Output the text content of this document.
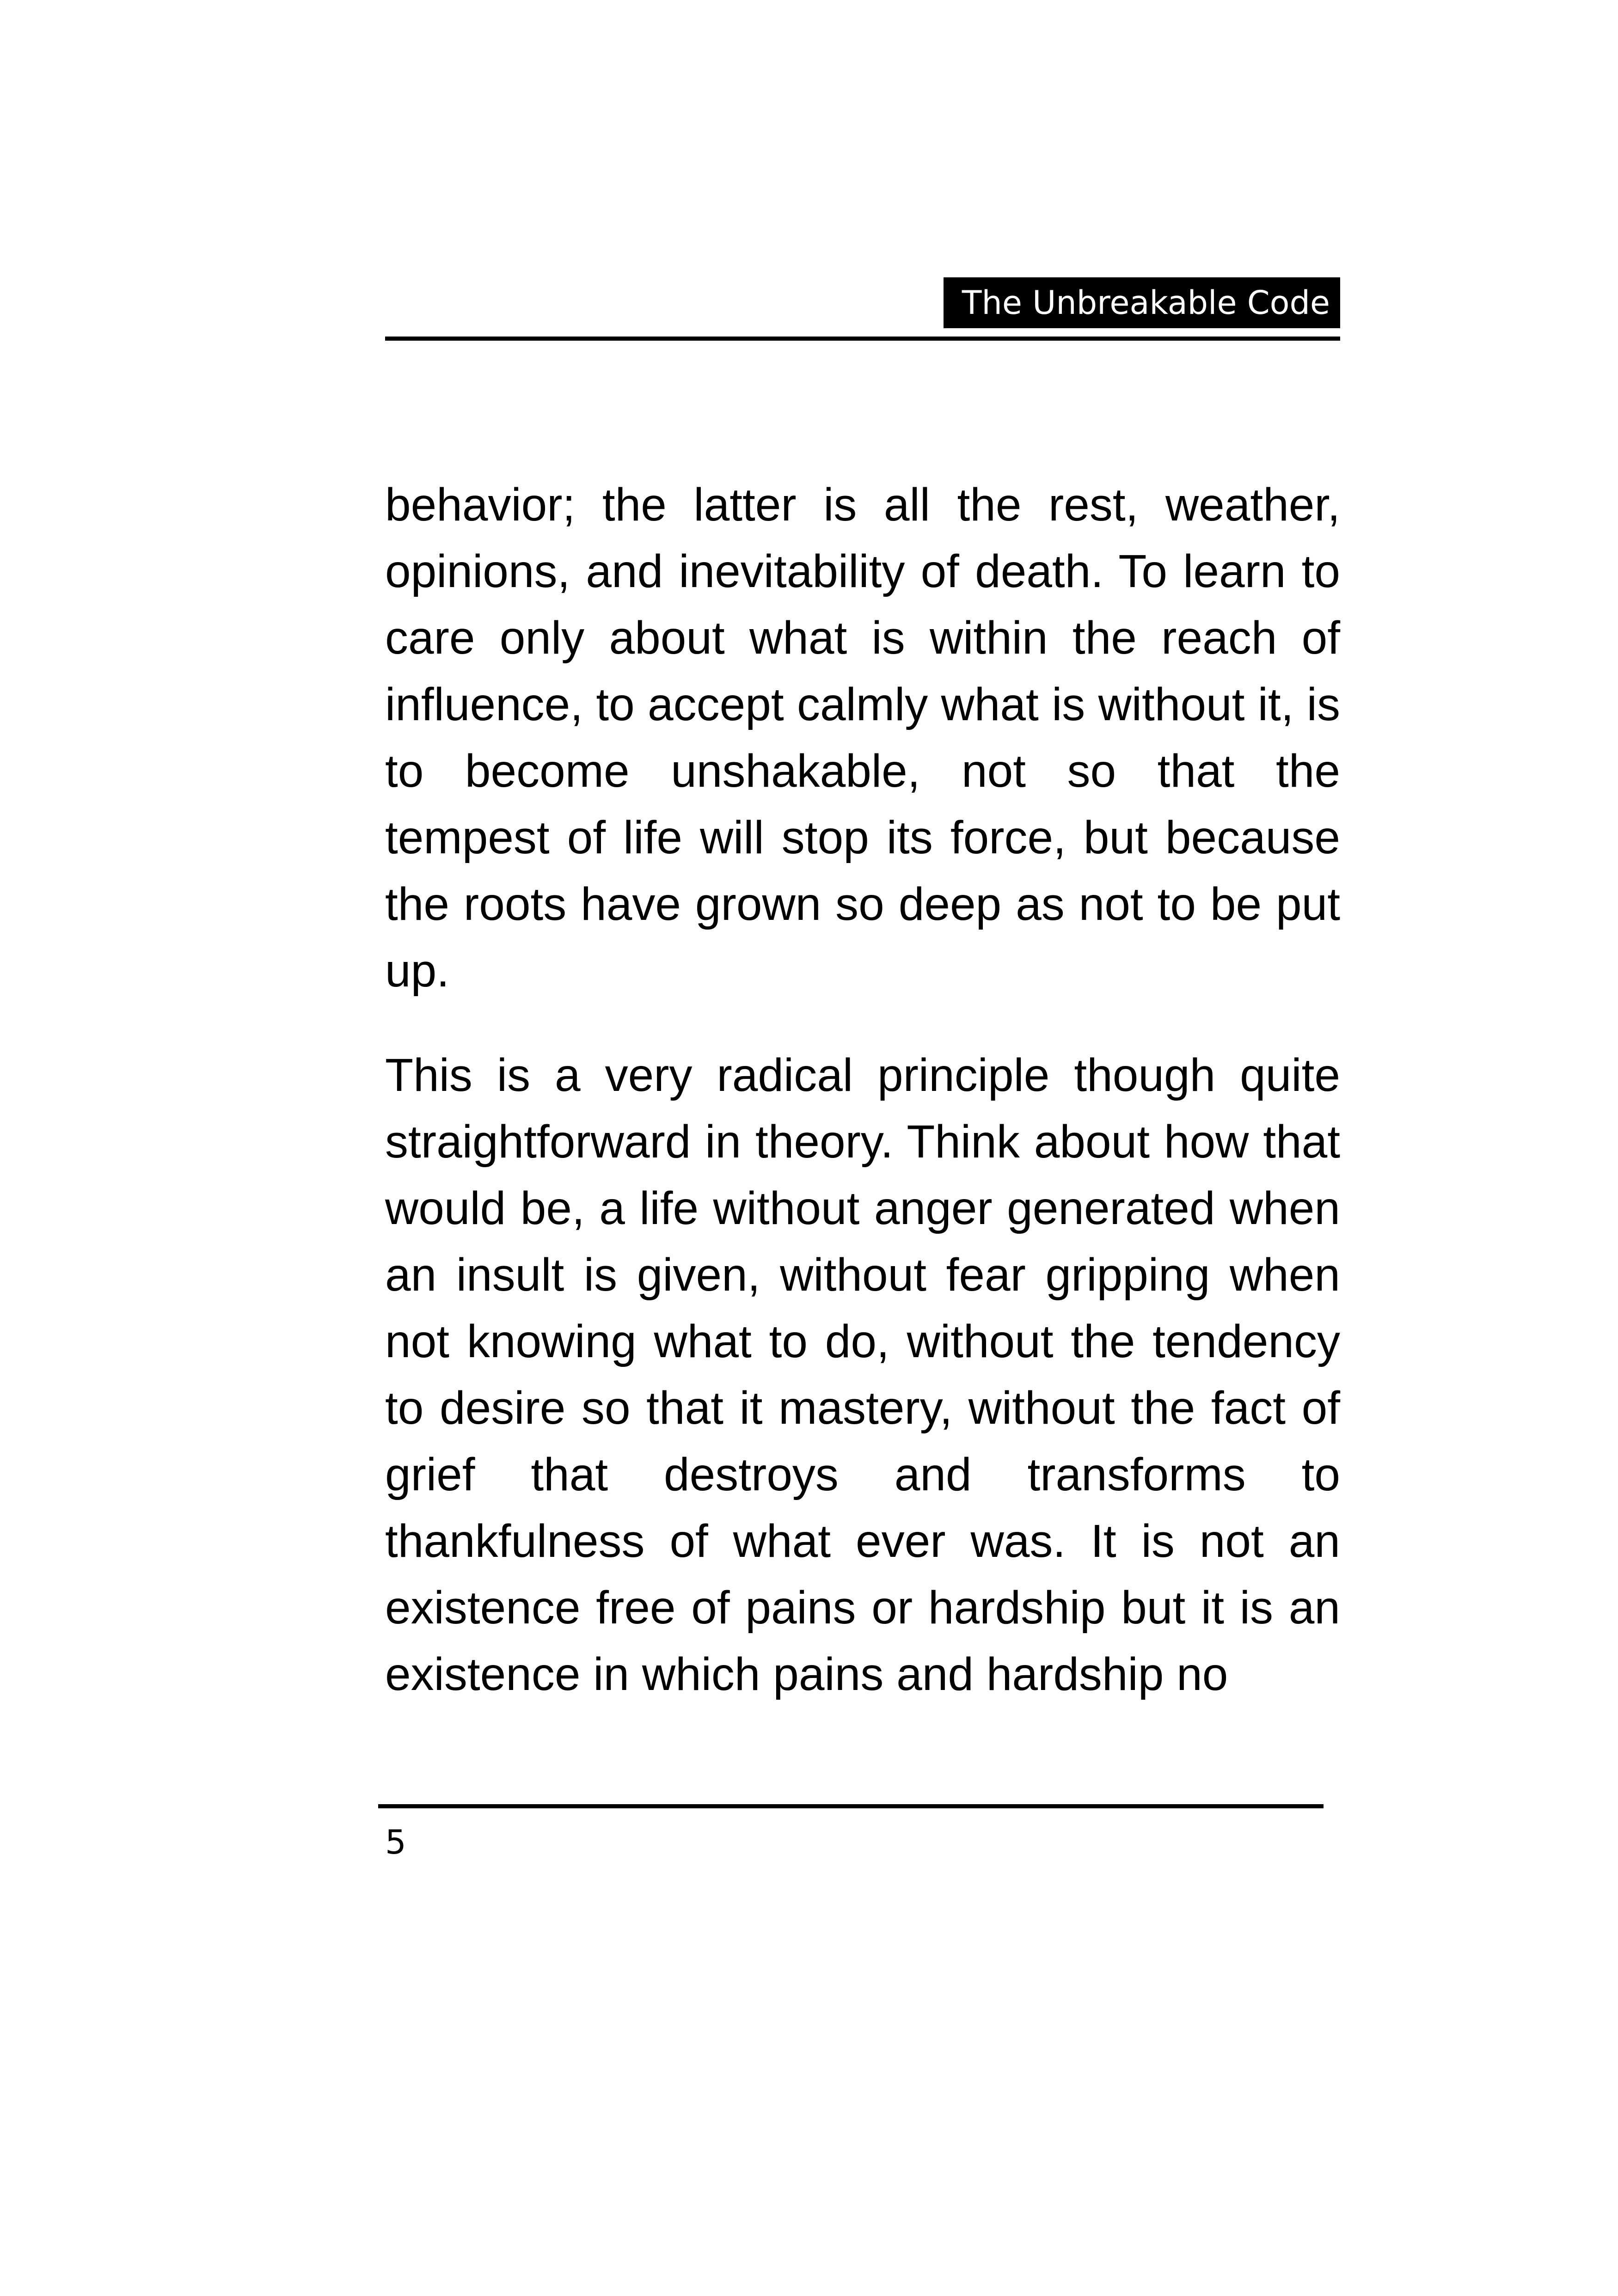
The Unbreakable Code

behavior; the latter is all the rest, weather, opinions, and inevitability of death. To learn to care only about what is within the reach of influence, to accept calmly what is without it, is to become unshakable, not so that the tempest of life will stop its force, but because the roots have grown so deep as not to be put up.

This is a very radical principle though quite straightforward in theory. Think about how that would be, a life without anger generated when an insult is given, without fear gripping when not knowing what to do, without the tendency to desire so that it mastery, without the fact of grief that destroys and transforms to thankfulness of what ever was. It is not an existence free of pains or hardship but it is an existence in which pains and hardship no

5
